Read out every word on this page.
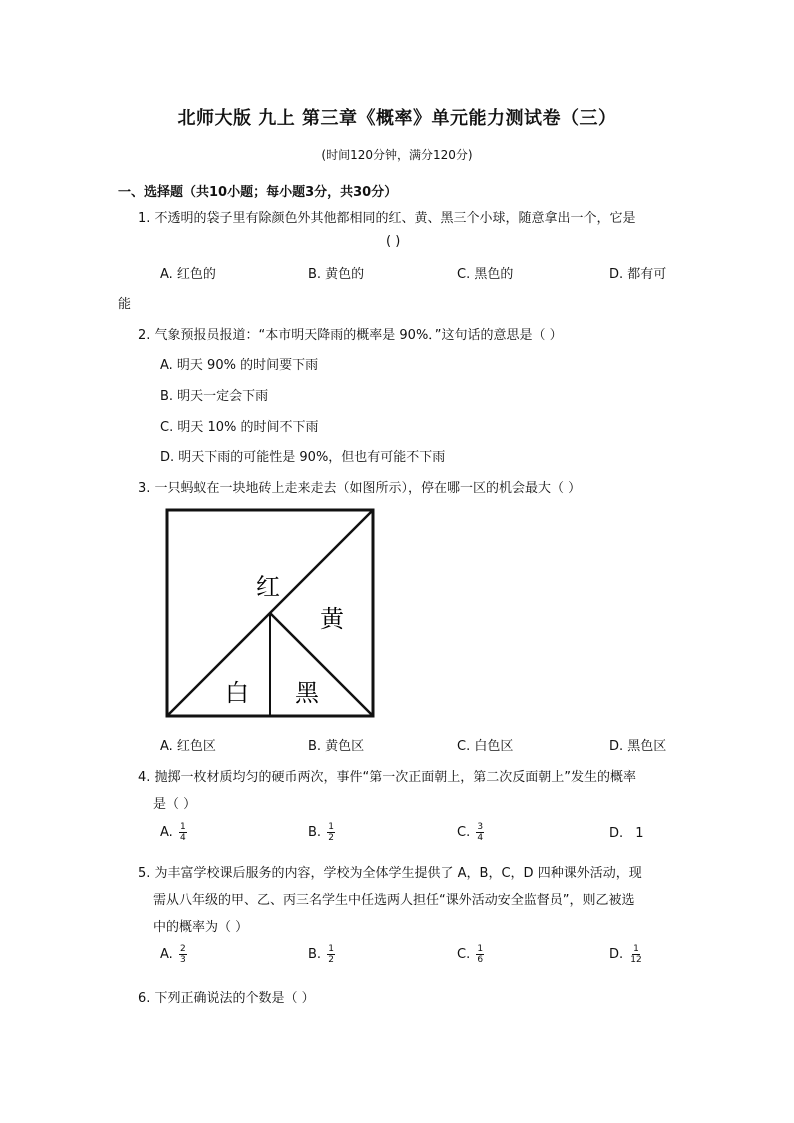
北师大版 九上 第三章《概率》单元能力测试卷（三）
(时间120分钟，满分120分)
一、选择题（共10小题；每小题3分，共30分）
1. 不透明的袋子里有除颜色外其他都相同的红、黄、黑三个小球，随意拿出一个，它是
( )
A. 红色的	B. 黄色的	C. 黑色的	D. 都有可
能
2. 气象预报员报道：“本市明天降雨的概率是 90%．”这句话的意思是（ ）
A. 明天 90% 的时间要下雨
B. 明天一定会下雨
C. 明天 10% 的时间不下雨
D. 明天下雨的可能性是 90%，但也有可能不下雨
3. 一只蚂蚁在一块地砖上走来走去（如图所示），停在哪一区的机会最大（ ）
红
黄
白 黑
A. 红色区	B. 黄色区	C. 白色区	D. 黑色区
4. 抛掷一枚材质均匀的硬币两次，事件“第一次正面朝上，第二次反面朝上”发生的概率
是（ ）
A. $\frac{1}{4}$	B. $\frac{1}{2}$	C. $\frac{3}{4}$	D. 1
5. 为丰富学校课后服务的内容，学校为全体学生提供了 A，B，C，D 四种课外活动，现
需从八年级的甲、乙、丙三名学生中任选两人担任“课外活动安全监督员”，则乙被选
中的概率为（ ）
A. $\frac{2}{3}$	B. $\frac{1}{2}$	C. $\frac{1}{6}$	D. $\frac{1}{12}$
6. 下列正确说法的个数是（ ）
